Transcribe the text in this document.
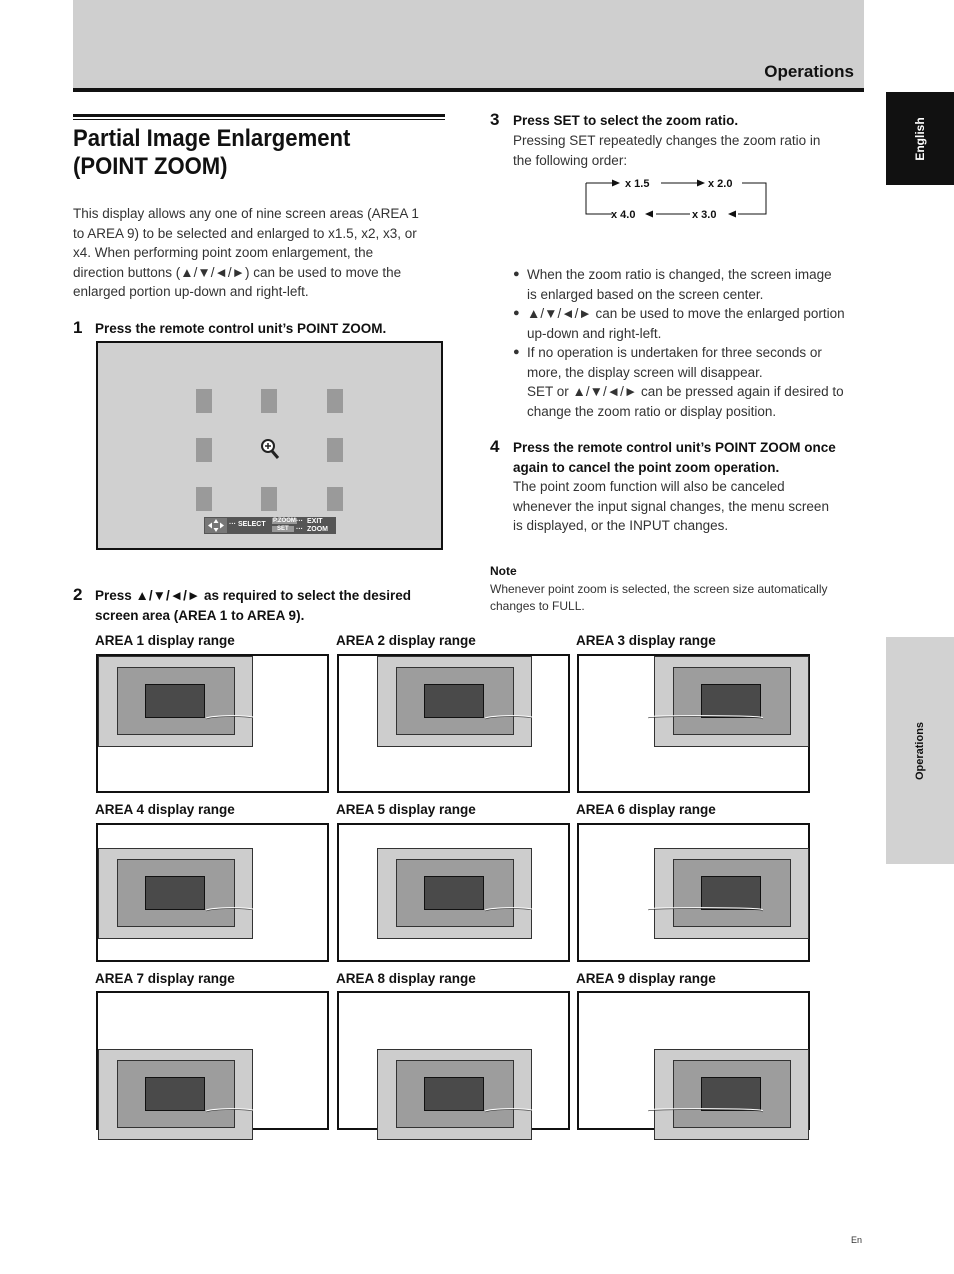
Operations
English
Operations
Partial Image Enlargement
(POINT ZOOM)
This display allows any one of nine screen areas (AREA 1
to AREA 9) to be selected and enlarged to x1.5, x2, x3, or
x4. When performing point zoom enlargement, the
direction buttons (▲/▼/◄/►) can be used to move the
enlarged portion up-down and right-left.
1 Press the remote control unit’s POINT ZOOM.
··· SELECT P.ZOOM
SET
···
···
EXIT
ZOOM
2 Press ▲/▼/◄/► as required to select the desired
screen area (AREA 1 to AREA 9).
3 Press SET to select the zoom ratio.
Pressing SET repeatedly changes the zoom ratio in
the following order:
x 1.5	x 2.0
x 3.0
x 4.0
● When the zoom ratio is changed, the screen image
is enlarged based on the screen center.
● ▲/▼/◄/► can be used to move the enlarged portion
up-down and right-left.
● If no operation is undertaken for three seconds or
more, the display screen will disappear.
SET or ▲/▼/◄/► can be pressed again if desired to
change the zoom ratio or display position.
4 Press the remote control unit’s POINT ZOOM once
again to cancel the point zoom operation.
The point zoom function will also be canceled
whenever the input signal changes, the menu screen
is displayed, or the INPUT changes.
Note
Whenever point zoom is selected, the screen size automatically
changes to FULL.
AREA 1 display range	AREA 2 display range	AREA 3 display range
AREA 4 display range	AREA 5 display range	AREA 6 display range
AREA 7 display range	AREA 8 display range	AREA 9 display range
En
